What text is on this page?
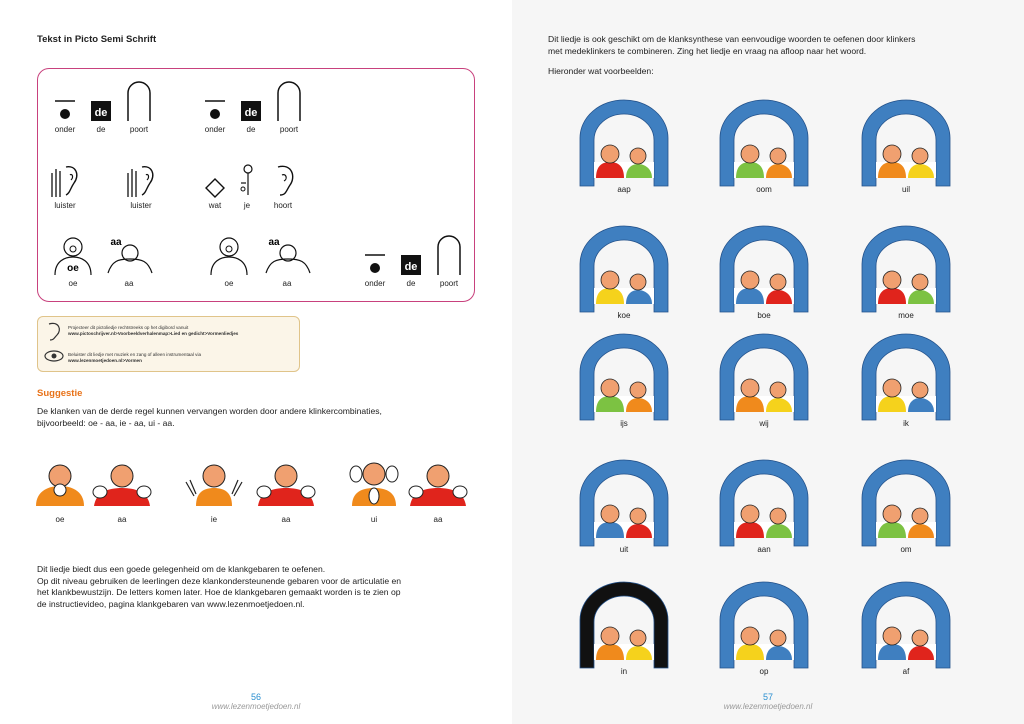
Tekst in Picto Semi Schrift
onder
de
de	poort	onder
de
de	poort
luister	luister	wat	je	hoort
oe
oe
aa
aa	oe
aa
aa	onder
de
de	poort
Projecteer dit pictoliedje rechtstreeks op het digibord vanuit
www.pictoschrijver.nl>Voorbeeldverhalenmap>Lied en gedicht>Vormenliedjes
Beluister dit liedje met muziek en zang of alleen instrumentaal via
www.lezenmoetjedoen.nl>Vormen
Suggestie
De klanken van de derde regel kunnen vervangen worden door andere klinkercombinaties,
bijvoorbeeld: oe - aa, ie - aa, ui - aa.
oe	aa	ie	aa	ui	aa
Dit liedje biedt dus een goede gelegenheid om de klankgebaren te oefenen.
Op dit niveau gebruiken de leerlingen deze klankondersteunende gebaren voor de articulatie en
het klankbewustzijn. De letters komen later. Hoe de klankgebaren gemaakt worden is te zien op
de instructievideo, pagina klankgebaren van www.lezenmoetjedoen.nl.
56
www.lezenmoetjedoen.nl
Dit liedje is ook geschikt om de klanksynthese van eenvoudige woorden te oefenen door klinkers
met medeklinkers te combineren. Zing het liedje en vraag na afloop naar het woord.
Hieronder wat voorbeelden:
aap	oom	uil
koe	boe	moe
ijs	wij	ik
uit	aan	om
in	op	af
57
www.lezenmoetjedoen.nl
